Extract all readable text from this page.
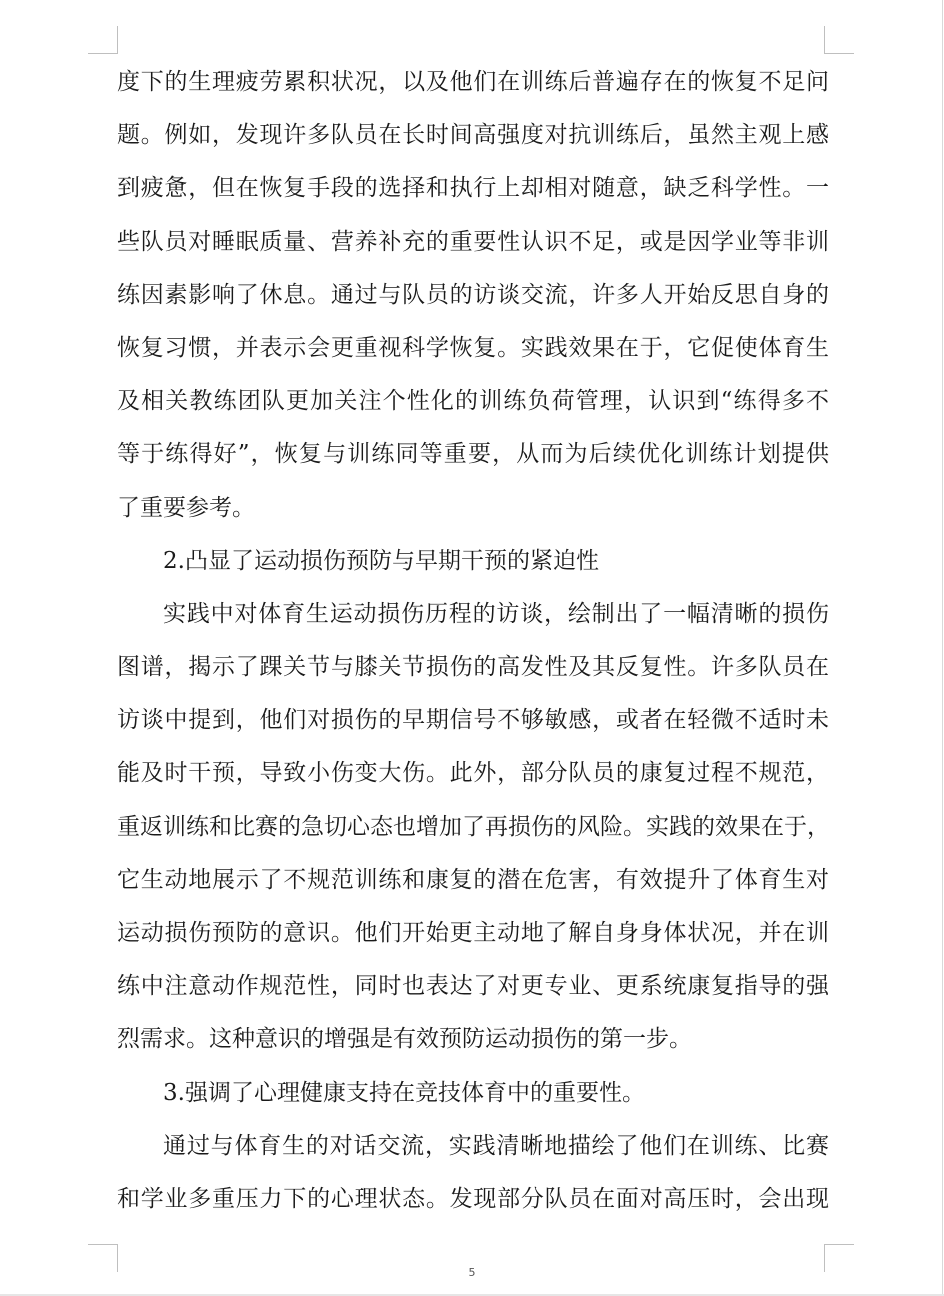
度下的生理疲劳累积状况，以及他们在训练后普遍存在的恢复不足问
题。例如，发现许多队员在长时间高强度对抗训练后，虽然主观上感
到疲惫，但在恢复手段的选择和执行上却相对随意，缺乏科学性。一
些队员对睡眠质量、营养补充的重要性认识不足，或是因学业等非训
练因素影响了休息。通过与队员的访谈交流，许多人开始反思自身的
恢复习惯，并表示会更重视科学恢复。实践效果在于，它促使体育生
及相关教练团队更加关注个性化的训练负荷管理，认识到“练得多不
等于练得好”，恢复与训练同等重要，从而为后续优化训练计划提供
了重要参考。
2.凸显了运动损伤预防与早期干预的紧迫性
实践中对体育生运动损伤历程的访谈，绘制出了一幅清晰的损伤
图谱，揭示了踝关节与膝关节损伤的高发性及其反复性。许多队员在
访谈中提到，他们对损伤的早期信号不够敏感，或者在轻微不适时未
能及时干预，导致小伤变大伤。此外，部分队员的康复过程不规范，
重返训练和比赛的急切心态也增加了再损伤的风险。实践的效果在于，
它生动地展示了不规范训练和康复的潜在危害，有效提升了体育生对
运动损伤预防的意识。他们开始更主动地了解自身身体状况，并在训
练中注意动作规范性，同时也表达了对更专业、更系统康复指导的强
烈需求。这种意识的增强是有效预防运动损伤的第一步。
3.强调了心理健康支持在竞技体育中的重要性。
通过与体育生的对话交流，实践清晰地描绘了他们在训练、比赛
和学业多重压力下的心理状态。发现部分队员在面对高压时，会出现
5
